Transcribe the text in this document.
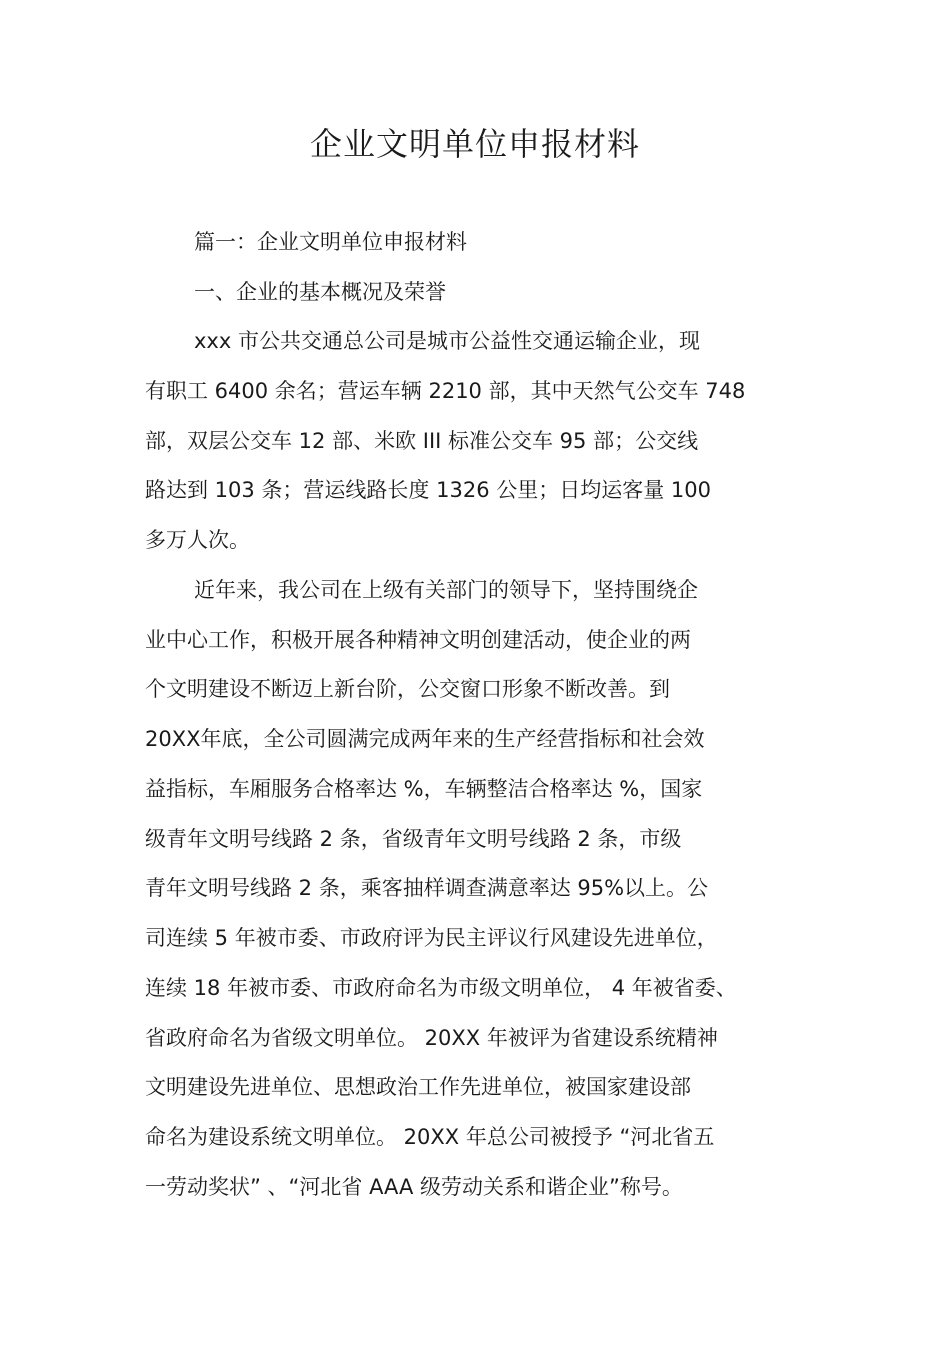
企业文明单位申报材料
篇一：企业文明单位申报材料
一、企业的基本概况及荣誉
xxx 市公共交通总公司是城市公益性交通运输企业，现
有职工 6400 余名；营运车辆 2210 部，其中天然气公交车 748
部，双层公交车 12 部、米欧 III 标准公交车 95 部；公交线
路达到 103 条；营运线路长度 1326 公里；日均运客量 100
多万人次。
近年来，我公司在上级有关部门的领导下，坚持围绕企
业中心工作，积极开展各种精神文明创建活动，使企业的两
个文明建设不断迈上新台阶，公交窗口形象不断改善。到
20XX年底，全公司圆满完成两年来的生产经营指标和社会效
益指标，车厢服务合格率达 %，车辆整洁合格率达 %，国家
级青年文明号线路 2 条，省级青年文明号线路 2 条，市级
青年文明号线路 2 条，乘客抽样调查满意率达 95%以上。公
司连续 5 年被市委、市政府评为民主评议行风建设先进单位，
连续 18 年被市委、市政府命名为市级文明单位， 4 年被省委、
省政府命名为省级文明单位。 20XX 年被评为省建设系统精神
文明建设先进单位、思想政治工作先进单位，被国家建设部
命名为建设系统文明单位。 20XX 年总公司被授予 “河北省五
一劳动奖状” 、“河北省 AAA 级劳动关系和谐企业”称号。
